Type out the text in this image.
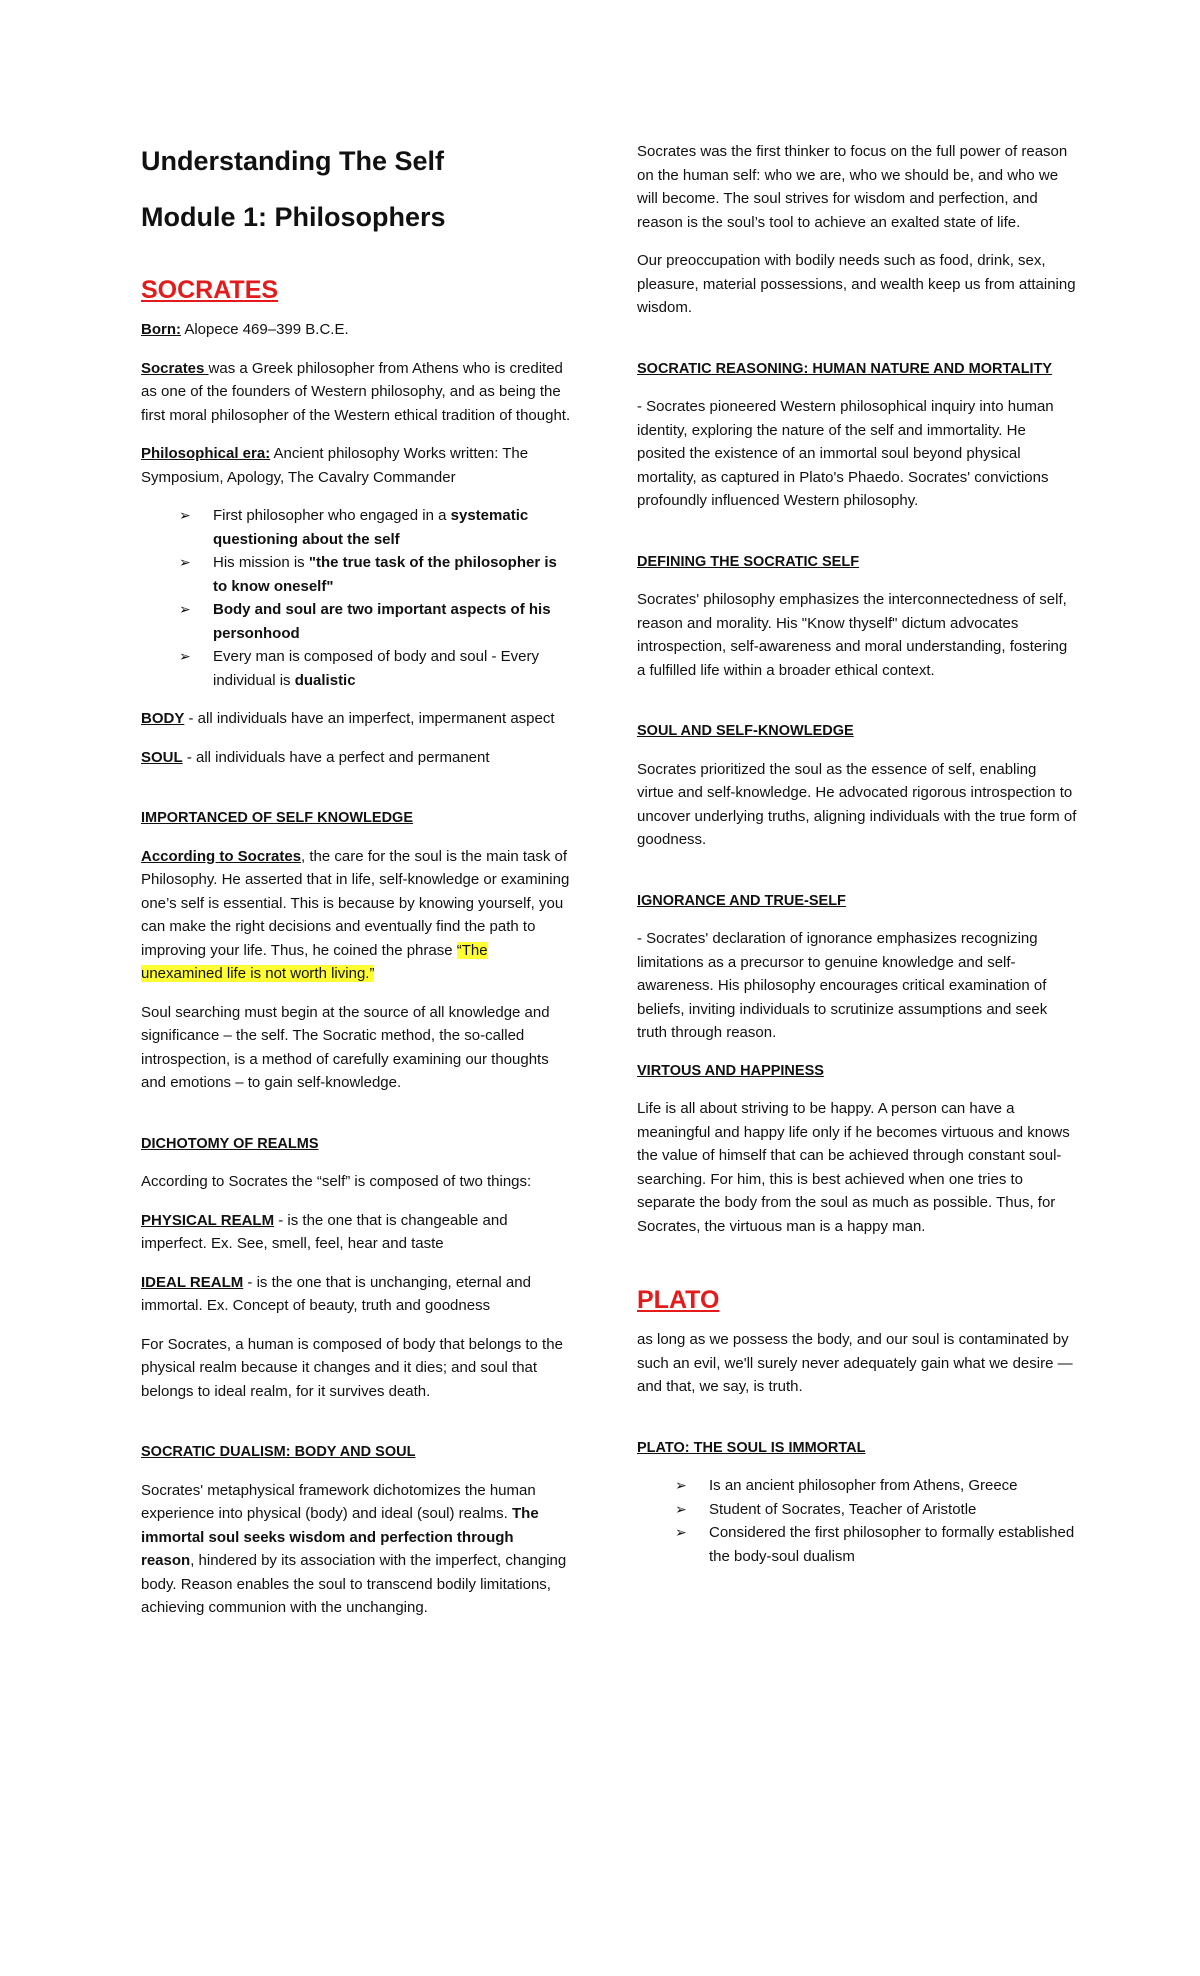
Understanding The Self
Module 1: Philosophers
SOCRATES

Born: Alopece 469–399 B.C.E.

Socrates was a Greek philosopher from Athens who is credited as one of the founders of Western philosophy, and as being the first moral philosopher of the Western ethical tradition of thought.

Philosophical era: Ancient philosophy Works written: The Symposium, Apology, The Cavalry Commander

➢ First philosopher who engaged in a systematic questioning about the self
➢ His mission is "the true task of the philosopher is to know oneself"
➢ Body and soul are two important aspects of his personhood
➢ Every man is composed of body and soul - Every individual is dualistic

BODY - all individuals have an imperfect, impermanent aspect

SOUL - all individuals have a perfect and permanent

IMPORTANCED OF SELF KNOWLEDGE

According to Socrates, the care for the soul is the main task of Philosophy. He asserted that in life, self-knowledge or examining one’s self is essential. This is because by knowing yourself, you can make the right decisions and eventually find the path to improving your life. Thus, he coined the phrase “The unexamined life is not worth living.”

Soul searching must begin at the source of all knowledge and significance – the self. The Socratic method, the so-called introspection, is a method of carefully examining our thoughts and emotions – to gain self-knowledge.

DICHOTOMY OF REALMS

According to Socrates the “self” is composed of two things:

PHYSICAL REALM - is the one that is changeable and imperfect. Ex. See, smell, feel, hear and taste

IDEAL REALM - is the one that is unchanging, eternal and immortal. Ex. Concept of beauty, truth and goodness

For Socrates, a human is composed of body that belongs to the physical realm because it changes and it dies; and soul that belongs to ideal realm, for it survives death.

SOCRATIC DUALISM: BODY AND SOUL

Socrates' metaphysical framework dichotomizes the human experience into physical (body) and ideal (soul) realms. The immortal soul seeks wisdom and perfection through reason, hindered by its association with the imperfect, changing body. Reason enables the soul to transcend bodily limitations, achieving communion with the unchanging.

Socrates was the first thinker to focus on the full power of reason on the human self: who we are, who we should be, and who we will become. The soul strives for wisdom and perfection, and reason is the soul’s tool to achieve an exalted state of life.

Our preoccupation with bodily needs such as food, drink, sex, pleasure, material possessions, and wealth keep us from attaining wisdom.

SOCRATIC REASONING: HUMAN NATURE AND MORTALITY

- Socrates pioneered Western philosophical inquiry into human identity, exploring the nature of the self and immortality. He posited the existence of an immortal soul beyond physical mortality, as captured in Plato's Phaedo. Socrates' convictions profoundly influenced Western philosophy.

DEFINING THE SOCRATIC SELF

Socrates' philosophy emphasizes the interconnectedness of self, reason and morality. His "Know thyself" dictum advocates introspection, self-awareness and moral understanding, fostering a fulfilled life within a broader ethical context.

SOUL AND SELF-KNOWLEDGE

Socrates prioritized the soul as the essence of self, enabling virtue and self-knowledge. He advocated rigorous introspection to uncover underlying truths, aligning individuals with the true form of goodness.

IGNORANCE AND TRUE-SELF

- Socrates' declaration of ignorance emphasizes recognizing limitations as a precursor to genuine knowledge and self-awareness. His philosophy encourages critical examination of beliefs, inviting individuals to scrutinize assumptions and seek truth through reason.

VIRTOUS AND HAPPINESS

Life is all about striving to be happy. A person can have a meaningful and happy life only if he becomes virtuous and knows the value of himself that can be achieved through constant soul-searching. For him, this is best achieved when one tries to separate the body from the soul as much as possible. Thus, for Socrates, the virtuous man is a happy man.

PLATO

as long as we possess the body, and our soul is contaminated by such an evil, we'll surely never adequately gain what we desire —and that, we say, is truth.

PLATO: THE SOUL IS IMMORTAL
➢ Is an ancient philosopher from Athens, Greece
➢ Student of Socrates, Teacher of Aristotle
➢ Considered the first philosopher to formally established the body-soul dualism
